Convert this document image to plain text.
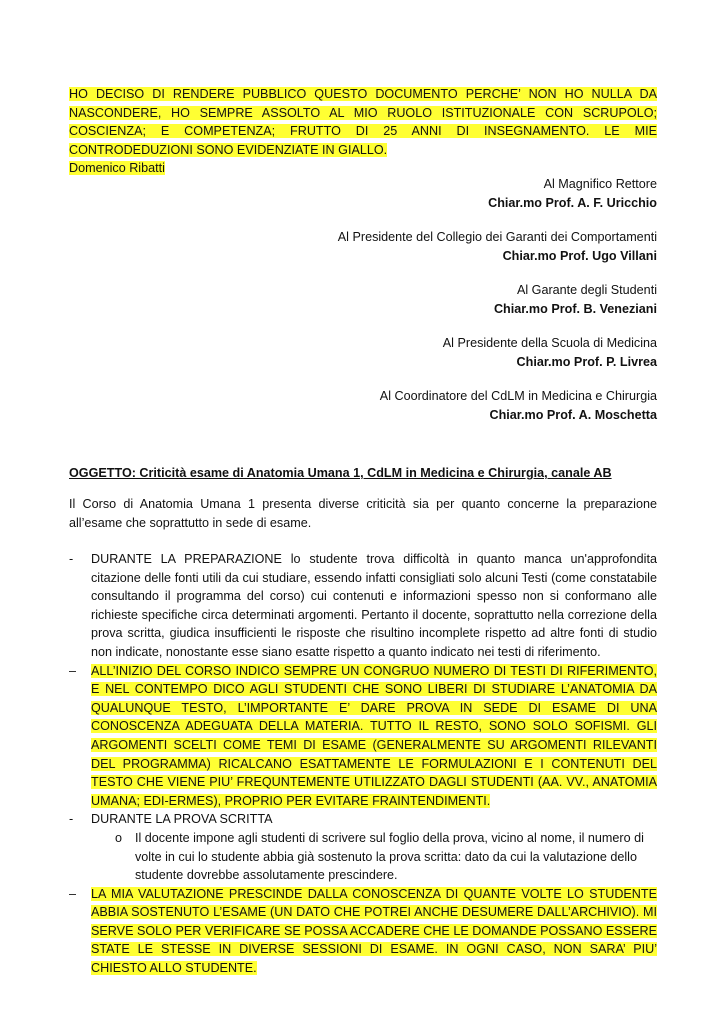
HO DECISO DI RENDERE PUBBLICO QUESTO DOCUMENTO PERCHE’ NON HO NULLA DA NASCONDERE, HO SEMPRE ASSOLTO AL MIO RUOLO ISTITUZIONALE CON SCRUPOLO; COSCIENZA; E COMPETENZA; FRUTTO DI 25 ANNI DI INSEGNAMENTO. LE MIE CONTRODEDUZIONI SONO EVIDENZIATE IN GIALLO.
Domenico Ribatti
Al Magnifico Rettore
Chiar.mo Prof. A. F. Uricchio
Al Presidente del Collegio dei Garanti dei Comportamenti
Chiar.mo Prof. Ugo Villani
Al Garante degli Studenti
Chiar.mo Prof. B. Veneziani
Al Presidente della Scuola di Medicina
Chiar.mo Prof. P. Livrea
Al Coordinatore del CdLM in Medicina e Chirurgia
Chiar.mo Prof. A. Moschetta
OGGETTO: Criticità esame di Anatomia Umana 1, CdLM in Medicina e Chirurgia, canale AB
Il Corso di Anatomia Umana 1 presenta diverse criticità sia per quanto concerne la preparazione all’esame che soprattutto in sede di esame.
-	DURANTE LA PREPARAZIONE lo studente trova difficoltà in quanto manca un'approfondita citazione delle fonti utili da cui studiare, essendo infatti consigliati solo alcuni Testi (come constatabile consultando il programma del corso) cui contenuti e informazioni spesso non si conformano alle richieste specifiche circa determinati argomenti. Pertanto il docente, soprattutto nella correzione della prova scritta, giudica insufficienti le risposte che risultino incomplete rispetto ad altre fonti di studio non indicate, nonostante esse siano esatte rispetto a quanto indicato nei testi di riferimento.
–	ALL’INIZIO DEL CORSO INDICO SEMPRE UN CONGRUO NUMERO DI TESTI DI RIFERIMENTO, E NEL CONTEMPO DICO AGLI STUDENTI CHE SONO LIBERI DI STUDIARE L’ANATOMIA DA QUALUNQUE TESTO, L’IMPORTANTE E’ DARE PROVA IN SEDE DI ESAME DI UNA CONOSCENZA ADEGUATA DELLA MATERIA. TUTTO IL RESTO, SONO SOLO SOFISMI. GLI ARGOMENTI SCELTI COME TEMI DI ESAME (GENERALMENTE SU ARGOMENTI RILEVANTI DEL PROGRAMMA) RICALCANO ESATTAMENTE LE FORMULAZIONI E I CONTENUTI DEL TESTO CHE VIENE PIU’ FREQUNTEMENTE UTILIZZATO DAGLI STUDENTI (AA. VV., ANATOMIA UMANA; EDI-ERMES), PROPRIO PER EVITARE FRAINTENDIMENTI.
-	DURANTE LA PROVA SCRITTA
o	Il docente impone agli studenti di scrivere sul foglio della prova, vicino al nome, il numero di volte in cui lo studente abbia già sostenuto la prova scritta: dato da cui la valutazione dello studente dovrebbe assolutamente prescindere.
–	LA MIA VALUTAZIONE PRESCINDE DALLA CONOSCENZA DI QUANTE VOLTE LO STUDENTE ABBIA SOSTENUTO L’ESAME (UN DATO CHE POTREI ANCHE DESUMERE DALL’ARCHIVIO). MI SERVE SOLO PER VERIFICARE SE POSSA ACCADERE CHE LE DOMANDE POSSANO ESSERE STATE LE STESSE IN DIVERSE SESSIONI DI ESAME. IN OGNI CASO, NON SARA’ PIU’ CHIESTO ALLO STUDENTE.
